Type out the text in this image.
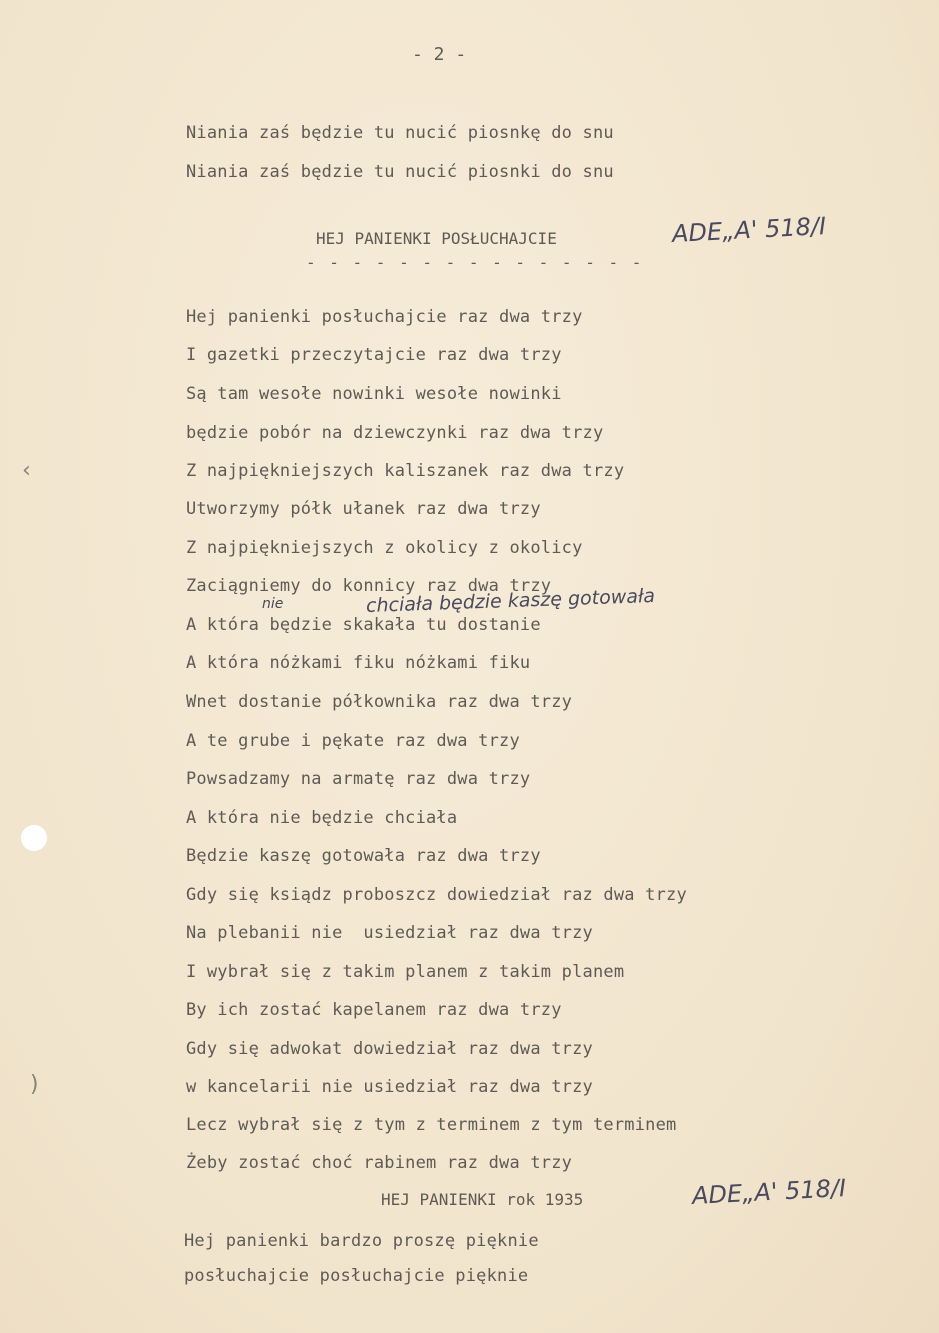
- 2 -
Niania zaś będzie tu nucić piosnkę do snu
Niania zaś będzie tu nucić piosnki do snu
HEJ PANIENKI POSŁUCHAJCIE
- - - - - - - - - - - - - - -
ADE„A' 518/I
Hej panienki posłuchajcie raz dwa trzy
I gazetki przeczytajcie raz dwa trzy
Są tam wesołe nowinki wesołe nowinki
będzie pobór na dziewczynki raz dwa trzy
Z najpiękniejszych kaliszanek raz dwa trzy
Utworzymy półk ułanek raz dwa trzy
Z najpiękniejszych z okolicy z okolicy
Zaciągniemy do konnicy raz dwa trzy
nie	chciała będzie kaszę gotowała
A która będzie skakała tu dostanie
A która nóżkami fiku nóżkami fiku
Wnet dostanie półkownika raz dwa trzy
A te grube i pękate raz dwa trzy
Powsadzamy na armatę raz dwa trzy
A która nie będzie chciała
Będzie kaszę gotowała raz dwa trzy
Gdy się ksiądz proboszcz dowiedział raz dwa trzy
Na plebanii nie  usiedział raz dwa trzy
I wybrał się z takim planem z takim planem
By ich zostać kapelanem raz dwa trzy
Gdy się adwokat dowiedział raz dwa trzy
w kancelarii nie usiedział raz dwa trzy
Lecz wybrał się z tym z terminem z tym terminem
Żeby zostać choć rabinem raz dwa trzy
HEJ PANIENKI rok 1935	ADE„A' 518/I
Hej panienki bardzo proszę pięknie
posłuchajcie posłuchajcie pięknie
‹
)
